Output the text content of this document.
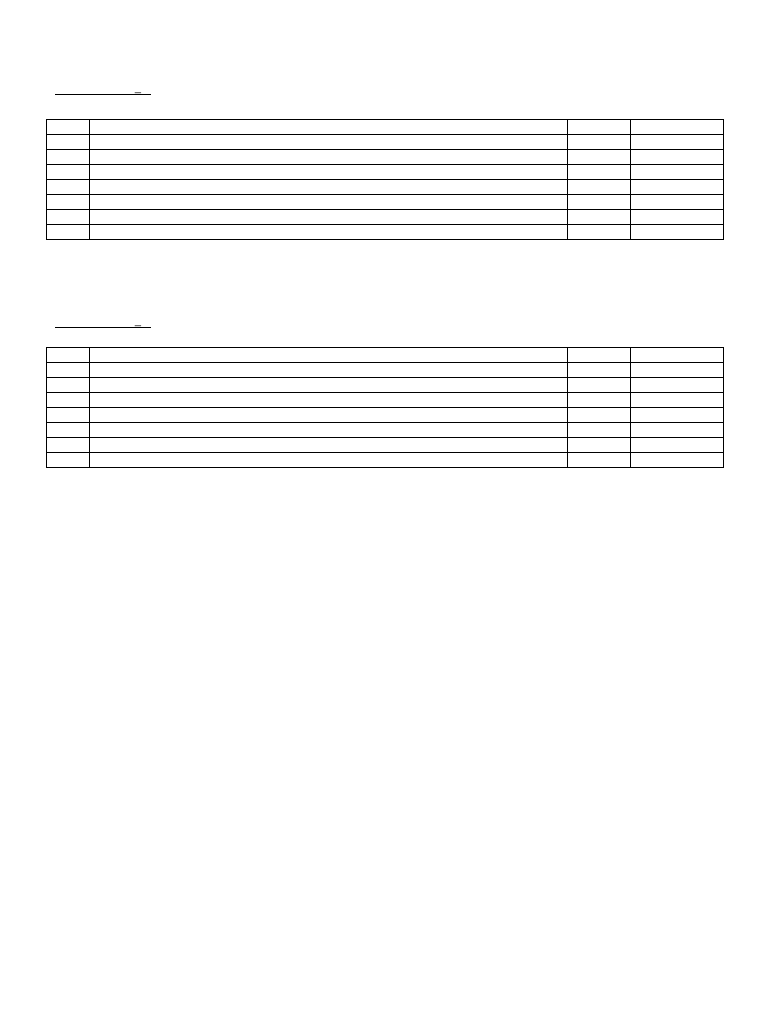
_

_
